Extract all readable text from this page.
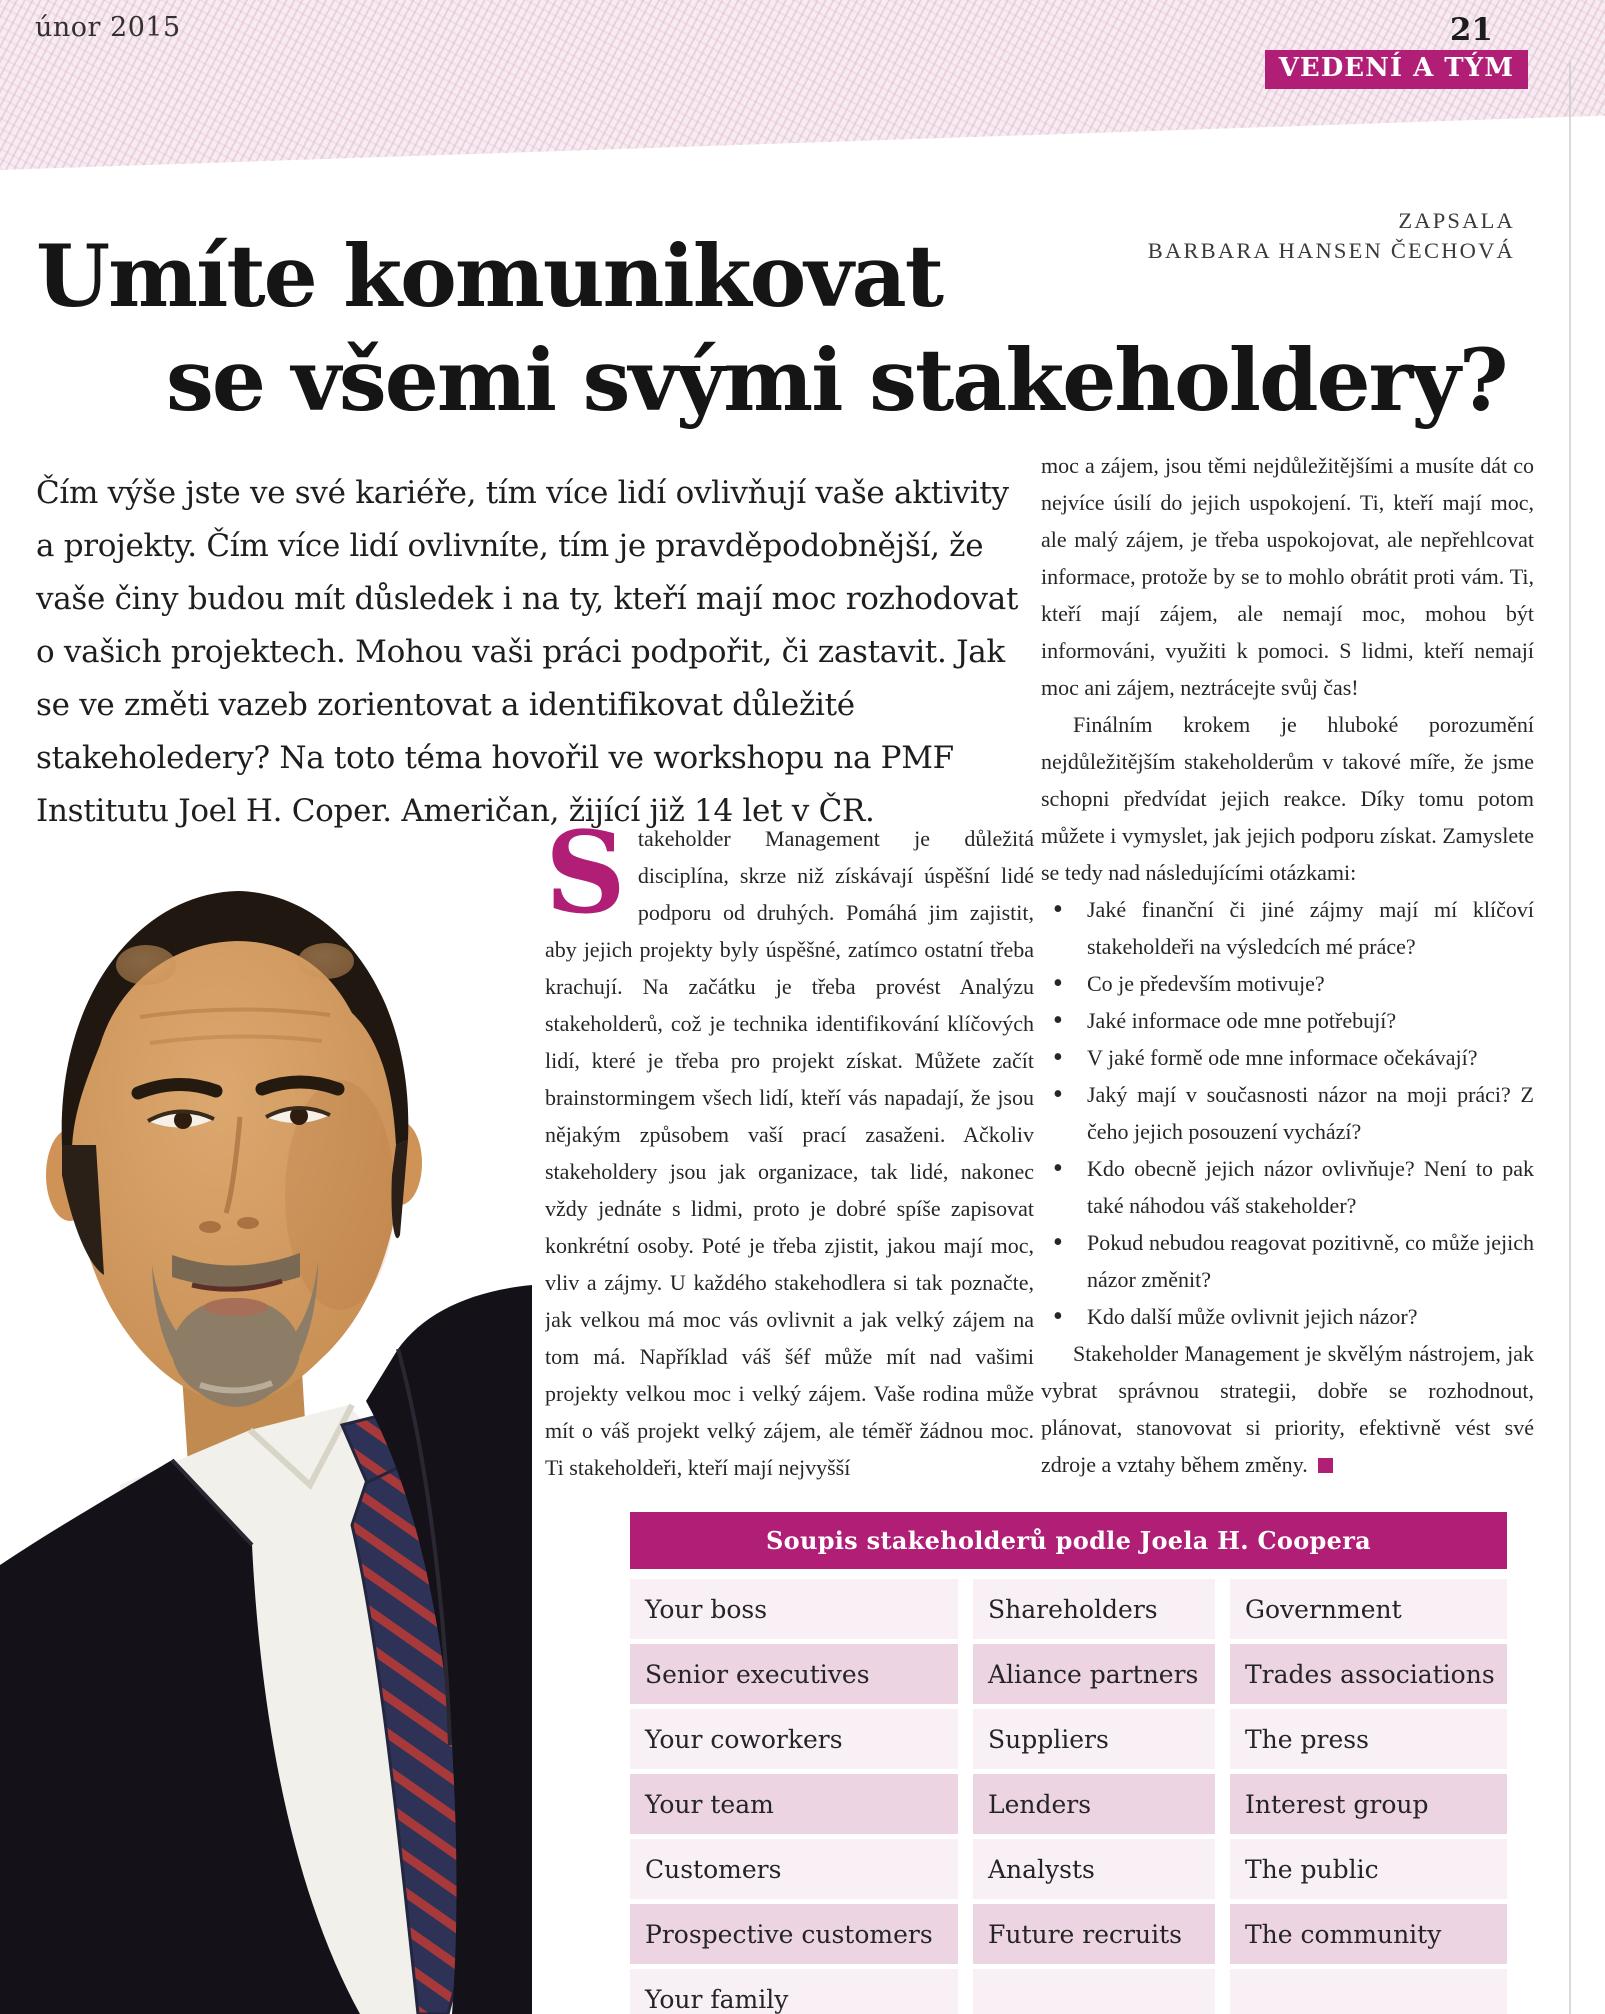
únor 2015	21
VEDENÍ A TÝM
Umíte komunikovat
se všemi svými stakeholdery?
ZAPSALA
BARBARA HANSEN ČECHOVÁ

Čím výše jste ve své kariéře, tím více lidí ovlivňují vaše aktivity a projekty. Čím více lidí ovlivníte, tím je pravděpodobnější, že vaše činy budou mít důsledek i na ty, kteří mají moc rozhodovat o vašich projektech. Mohou vaši práci podpořit, či zastavit. Jak se ve změti vazeb zorientovat a identifikovat důležité stakeholedery? Na toto téma hovořil ve workshopu na PMF Institutu Joel H. Coper. Američan, žijící již 14 let v ČR.

Stakeholder Management je důležitá disciplína, skrze niž získávají úspěšní lidé podporu od druhých. Pomáhá jim zajistit, aby jejich projekty byly úspěšné, zatímco ostatní třeba krachují. Na začátku je třeba provést Analýzu stakeholderů, což je technika identifikování klíčových lidí, které je třeba pro projekt získat. Můžete začít brainstormingem všech lidí, kteří vás napadají, že jsou nějakým způsobem vaší prací zasaženi. Ačkoliv stakeholdery jsou jak organizace, tak lidé, nakonec vždy jednáte s lidmi, proto je dobré spíše zapisovat konkrétní osoby. Poté je třeba zjistit, jakou mají moc, vliv a zájmy. U každého stakehodlera si tak poznačte, jak velkou má moc vás ovlivnit a jak velký zájem na tom má. Například váš šéf může mít nad vašimi projekty velkou moc i velký zájem. Vaše rodina může mít o váš projekt velký zájem, ale téměř žádnou moc. Ti stakeholdeři, kteří mají nejvyšší

moc a zájem, jsou těmi nejdůležitějšími a musíte dát co nejvíce úsilí do jejich uspokojení. Ti, kteří mají moc, ale malý zájem, je třeba uspokojovat, ale nepřehlcovat informace, protože by se to mohlo obrátit proti vám. Ti, kteří mají zájem, ale nemají moc, mohou být informováni, využiti k pomoci. S lidmi, kteří nemají moc ani zájem, neztrácejte svůj čas!

Finálním krokem je hluboké porozumění nejdůležitějším stakeholderům v takové míře, že jsme schopni předvídat jejich reakce. Díky tomu potom můžete i vymyslet, jak jejich podporu získat. Zamyslete se tedy nad následujícími otázkami:

• Jaké finanční či jiné zájmy mají mí klíčoví stakeholdeři na výsledcích mé práce?
• Co je především motivuje?
• Jaké informace ode mne potřebují?
• V jaké formě ode mne informace očekávají?
• Jaký mají v současnosti názor na moji práci? Z čeho jejich posouzení vychází?
• Kdo obecně jejich názor ovlivňuje? Není to pak také náhodou váš stakeholder?
• Pokud nebudou reagovat pozitivně, co může jejich názor změnit?
• Kdo další může ovlivnit jejich názor?

Stakeholder Management je skvělým nástrojem, jak vybrat správnou strategii, dobře se rozhodnout, plánovat, stanovovat si priority, efektivně vést své zdroje a vztahy během změny.

Soupis stakeholderů podle Joela H. Coopera
Your boss	Shareholders	Government
Senior executives	Aliance partners	Trades associations
Your coworkers	Suppliers	The press
Your team	Lenders	Interest group
Customers	Analysts	The public
Prospective customers	Future recruits	The community
Your family
